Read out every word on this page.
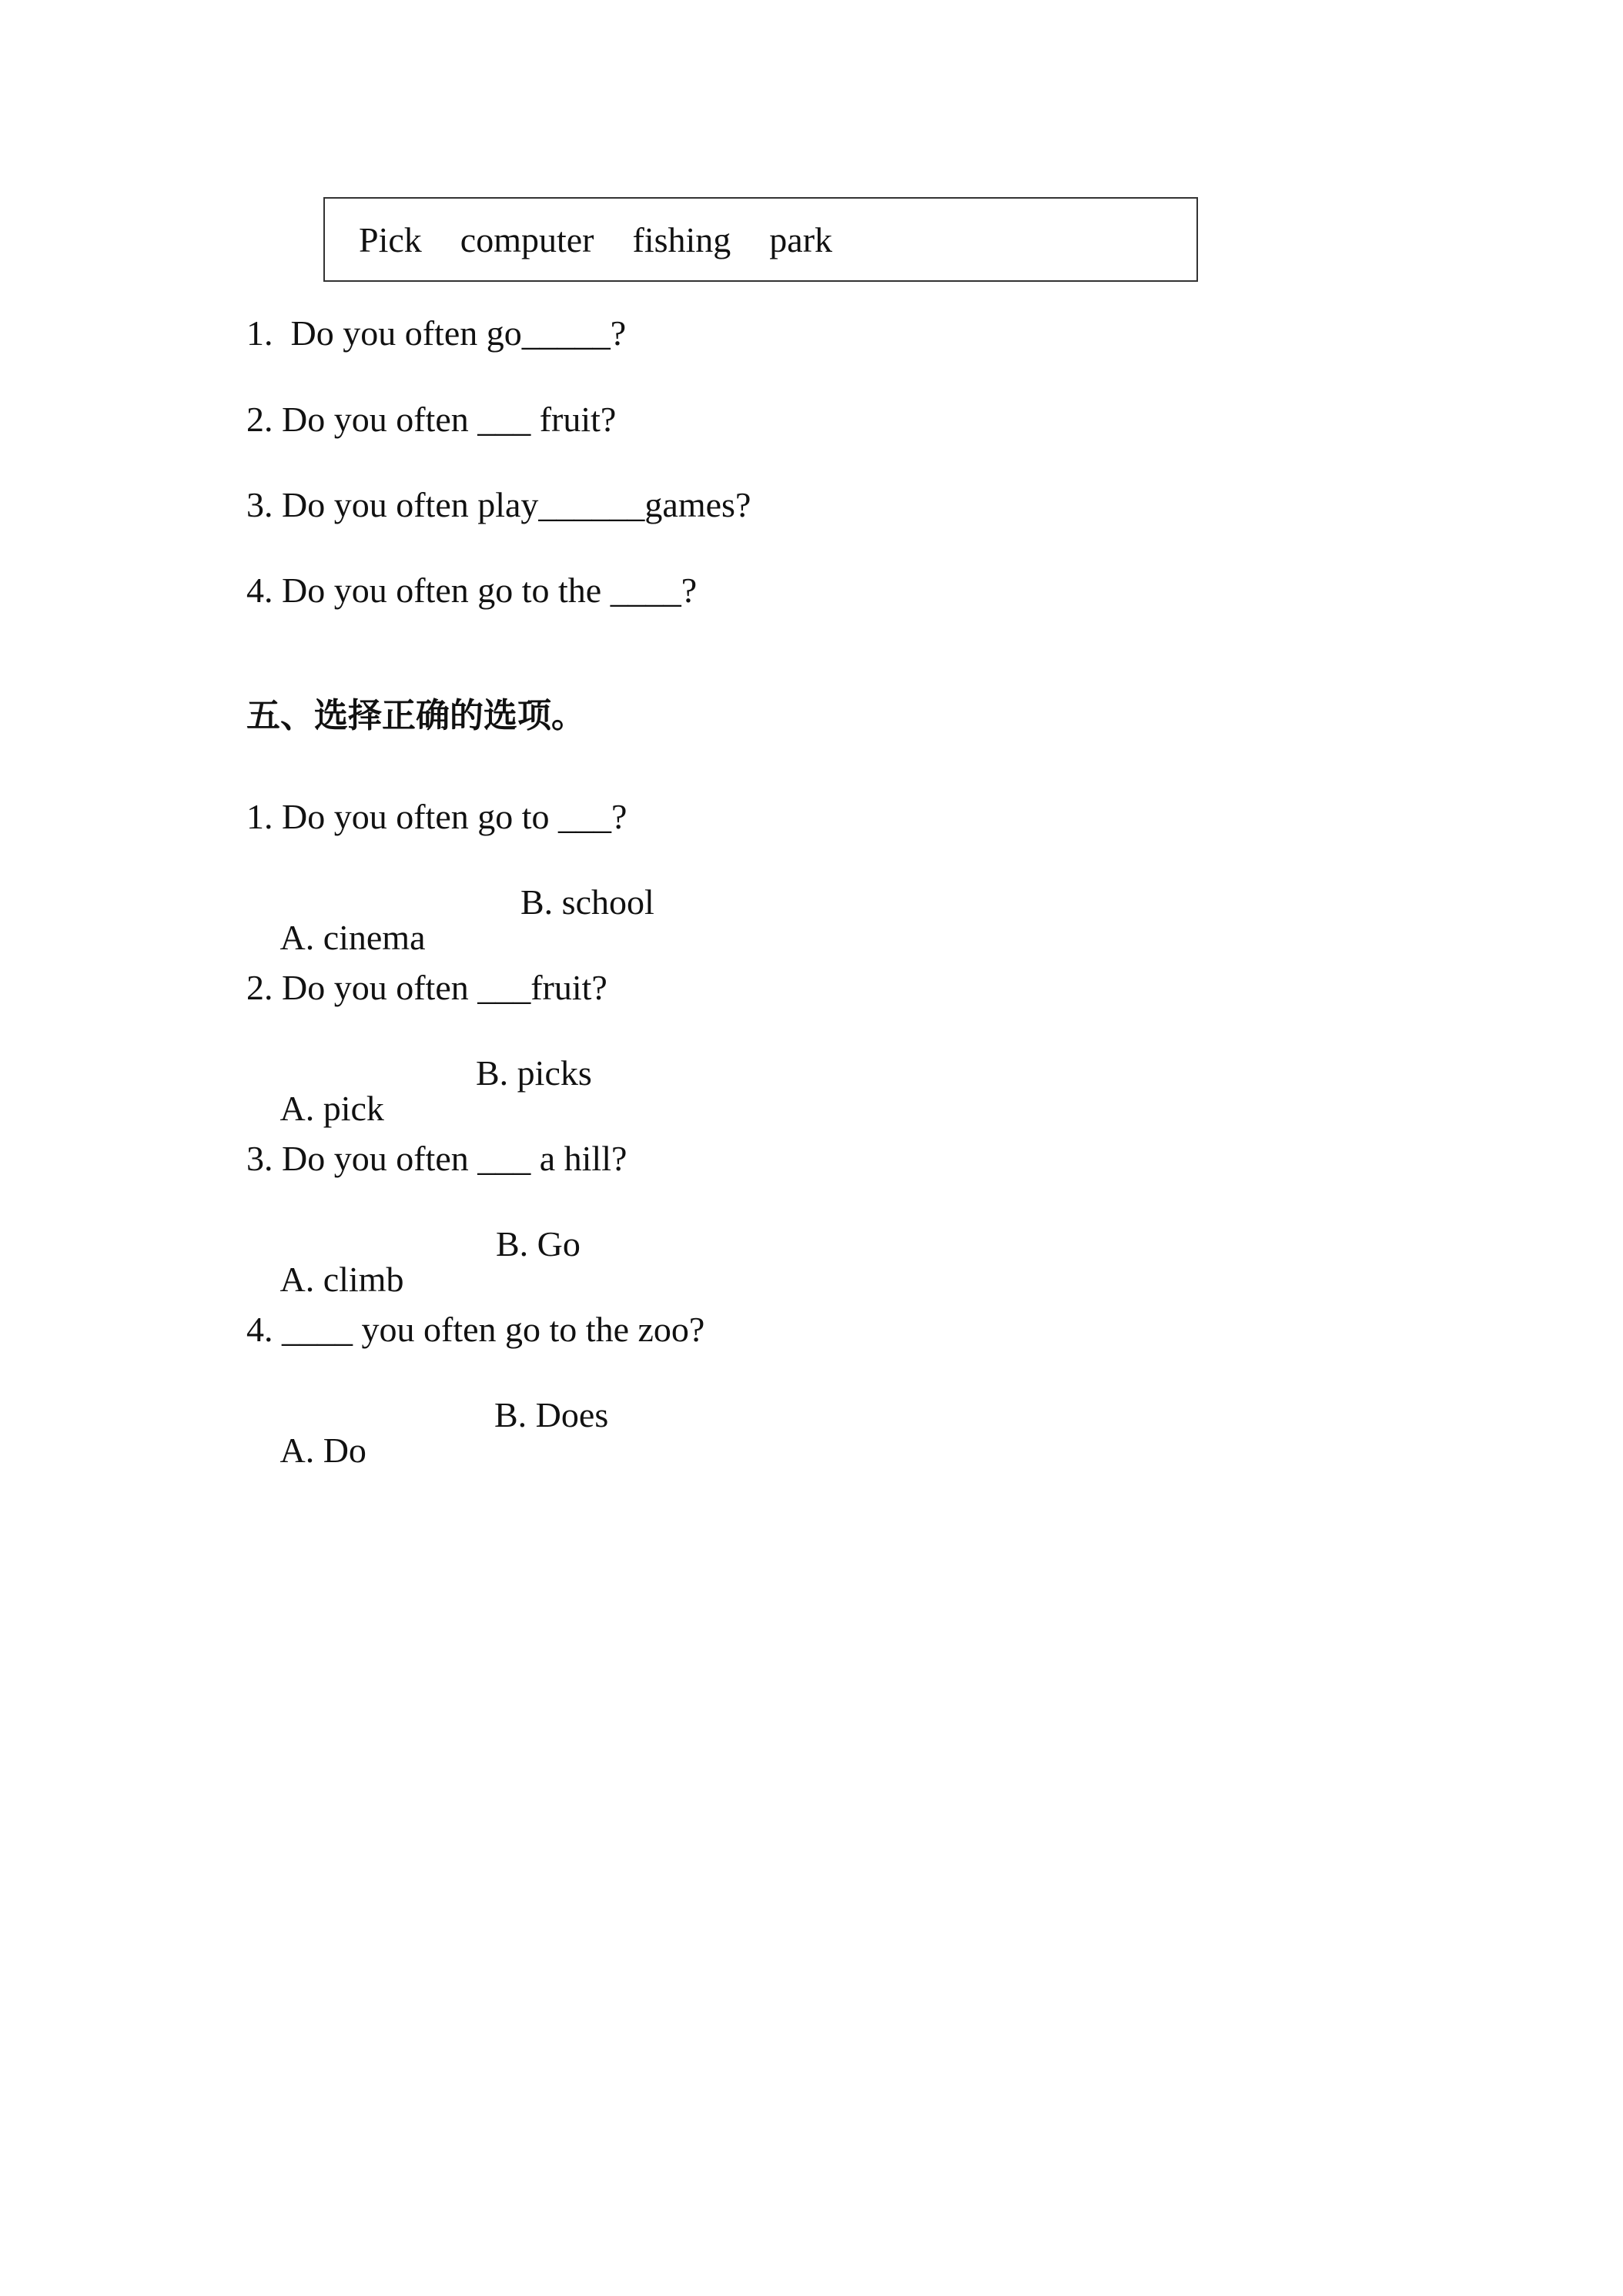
Pick computer fishing park
1.  Do you often go_____?
2. Do you often ___ fruit?
3. Do you often play______games?
4. Do you often go to the ____?
五、选择正确的选项。
1. Do you often go to ___?

A. cinema

B. school

2. Do you often ___fruit?

A. pick

B. picks

3. Do you often ___ a hill?

A. climb

B. Go

4. ____ you often go to the zoo?

A. Do

B. Does
